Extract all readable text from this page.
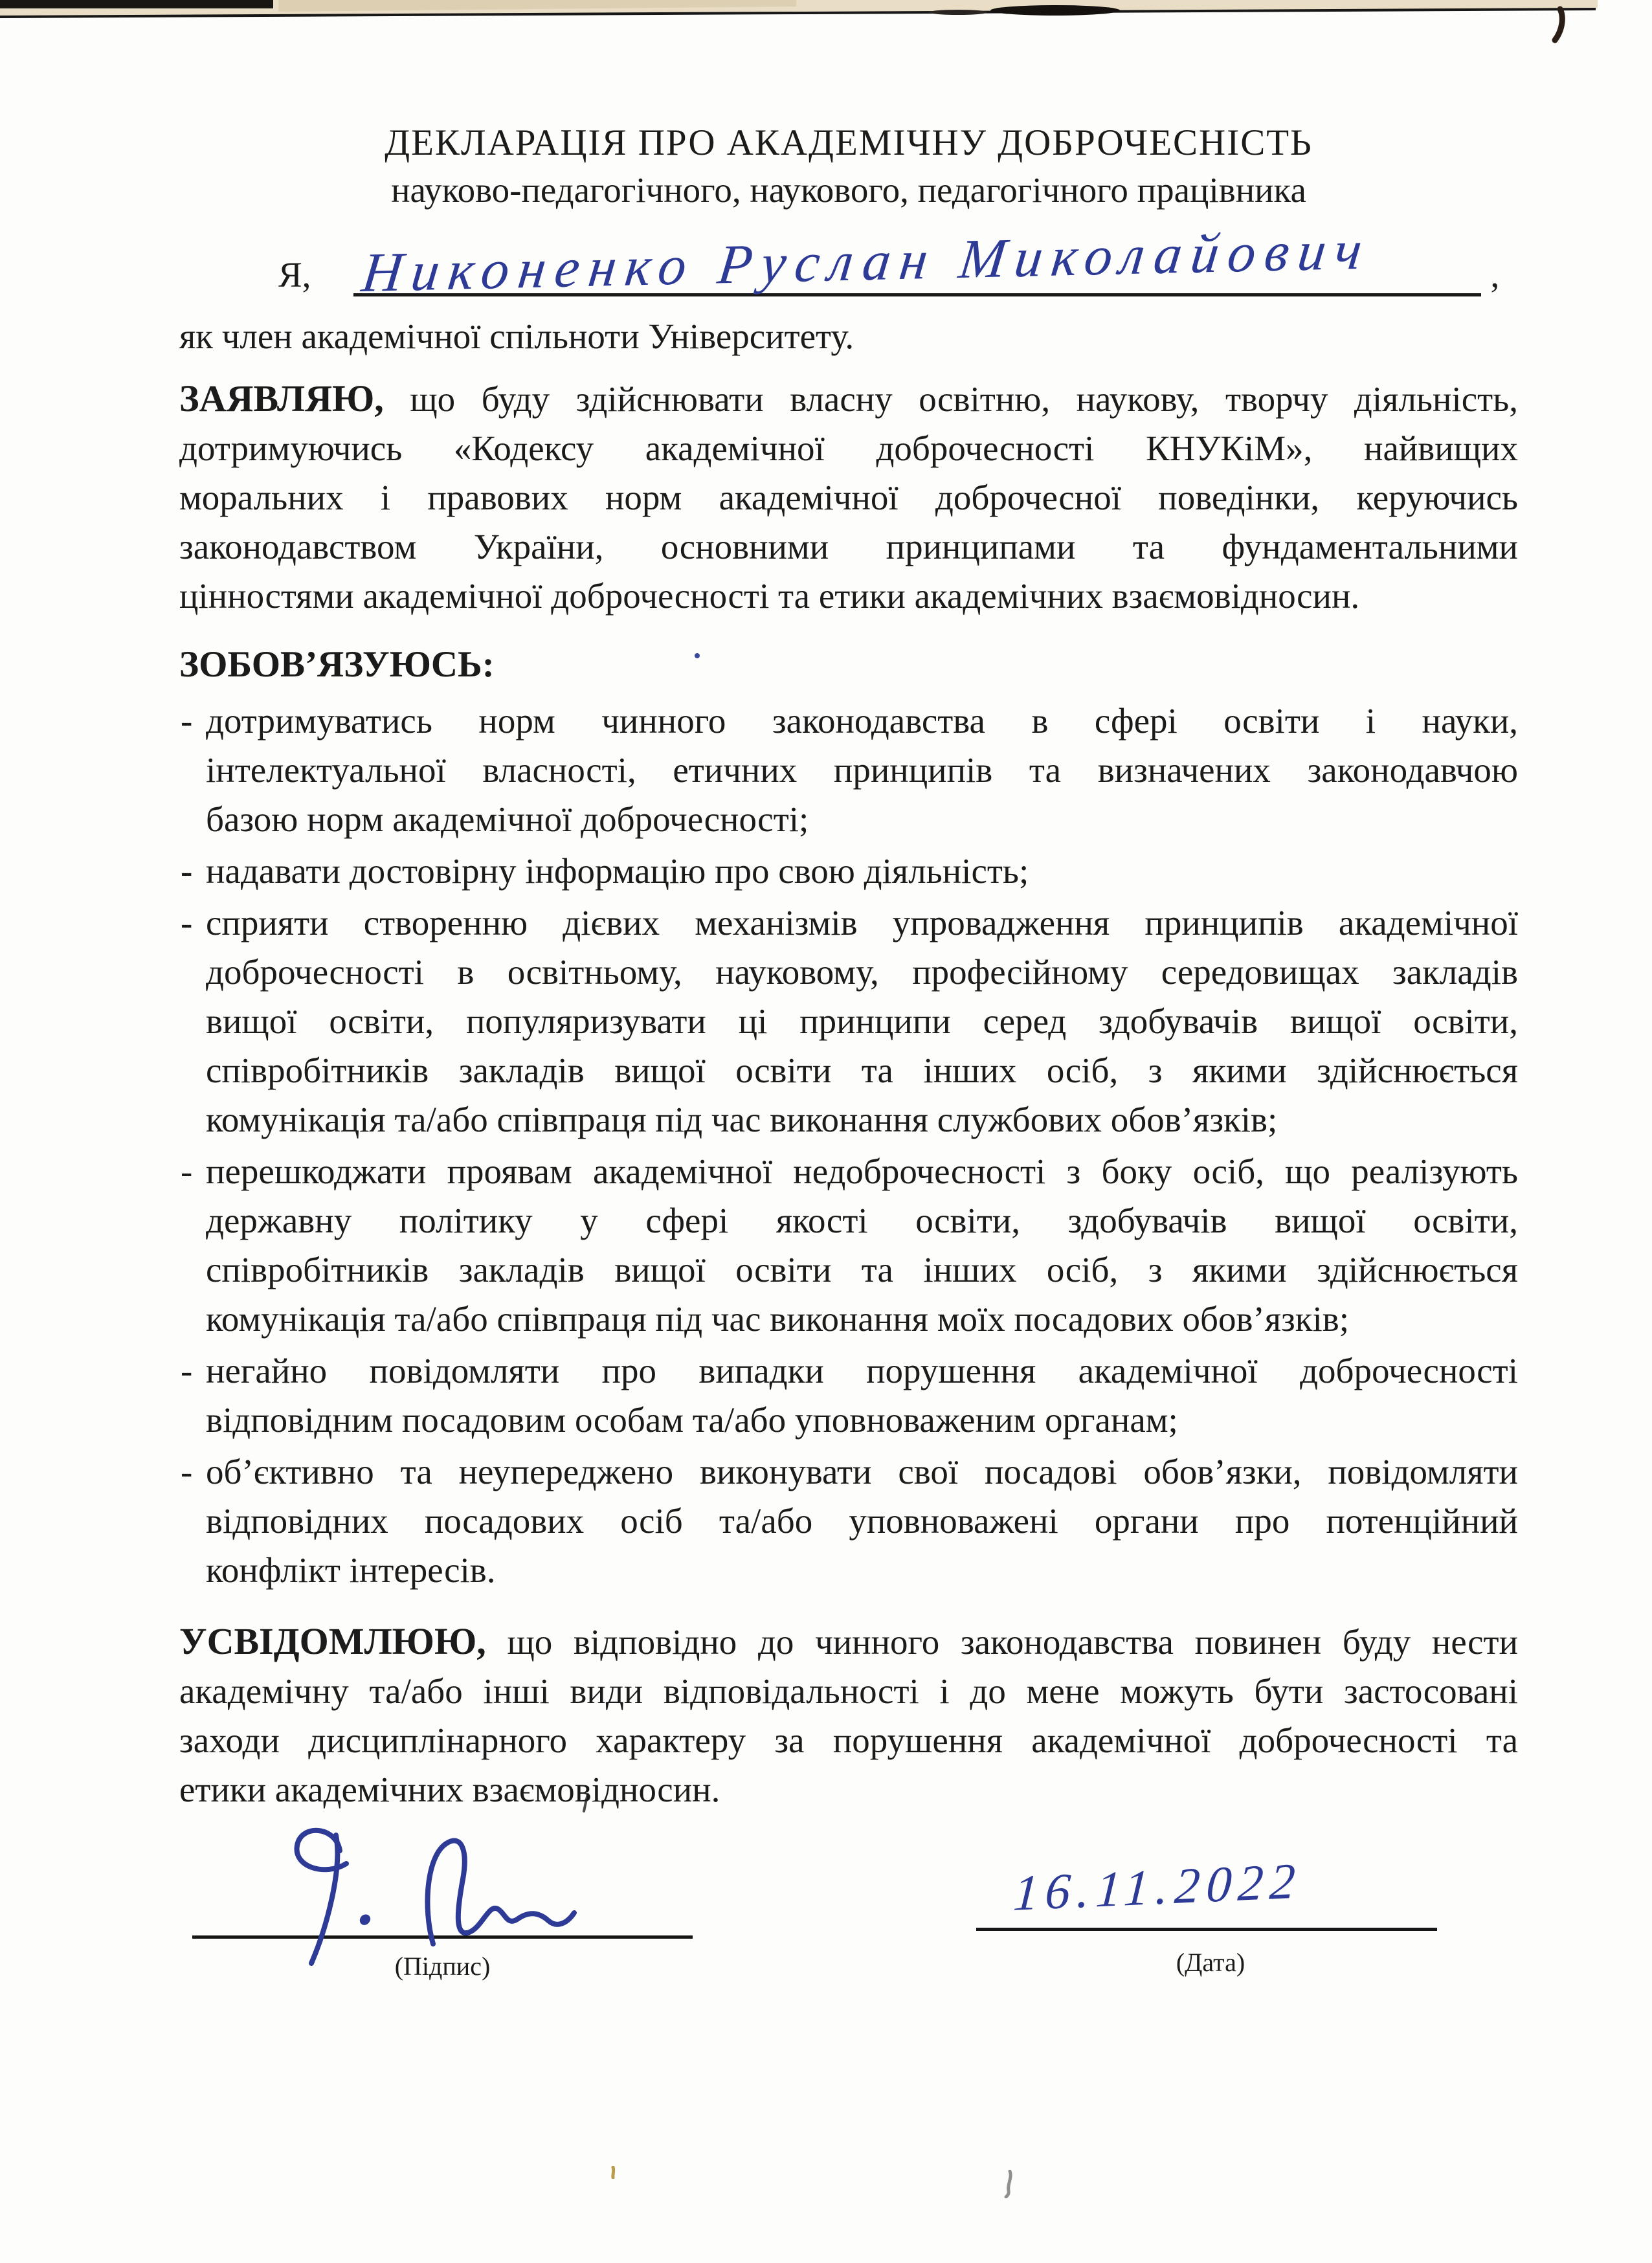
ДЕКЛАРАЦІЯ ПРО АКАДЕМІЧНУ ДОБРОЧЕСНІСТЬ
науково-педагогічного, наукового, педагогічного працівника
Я, Никоненко Руслан Миколайович	,
як член академічної спільноти Університету.
ЗАЯВЛЯЮ, що буду здійснювати власну освітню, наукову, творчу діяльність,
дотримуючись «Кодексу академічної доброчесності КНУКіМ», найвищих
моральних і правових норм академічної доброчесної поведінки, керуючись
законодавством України, основними принципами та фундаментальними
цінностями академічної доброчесності та етики академічних взаємовідносин.
ЗОБОВ’ЯЗУЮСЬ:
- дотримуватись норм чинного законодавства в сфері освіти і науки,
інтелектуальної власності, етичних принципів та визначених законодавчою
базою норм академічної доброчесності;
- надавати достовірну інформацію про свою діяльність;
- сприяти створенню дієвих механізмів упровадження принципів академічної
доброчесності в освітньому, науковому, професійному середовищах закладів
вищої освіти, популяризувати ці принципи серед здобувачів вищої освіти,
співробітників закладів вищої освіти та інших осіб, з якими здійснюється
комунікація та/або співпраця під час виконання службових обов’язків;
- перешкоджати проявам академічної недоброчесності з боку осіб, що реалізують
державну політику у сфері якості освіти, здобувачів вищої освіти,
співробітників закладів вищої освіти та інших осіб, з якими здійснюється
комунікація та/або співпраця під час виконання моїх посадових обов’язків;
- негайно повідомляти про випадки порушення академічної доброчесності
відповідним посадовим особам та/або уповноваженим органам;
- об’єктивно та неупереджено виконувати свої посадові обов’язки, повідомляти
відповідних посадових осіб та/або уповноважені органи про потенційний
конфлікт інтересів.
УСВІДОМЛЮЮ, що відповідно до чинного законодавства повинен буду нести
академічну та/або інші види відповідальності і до мене можуть бути застосовані
заходи дисциплінарного характеру за порушення академічної доброчесності та
етики академічних взаємовідносин.
(Підпис)
16.11.2022
(Дата)
